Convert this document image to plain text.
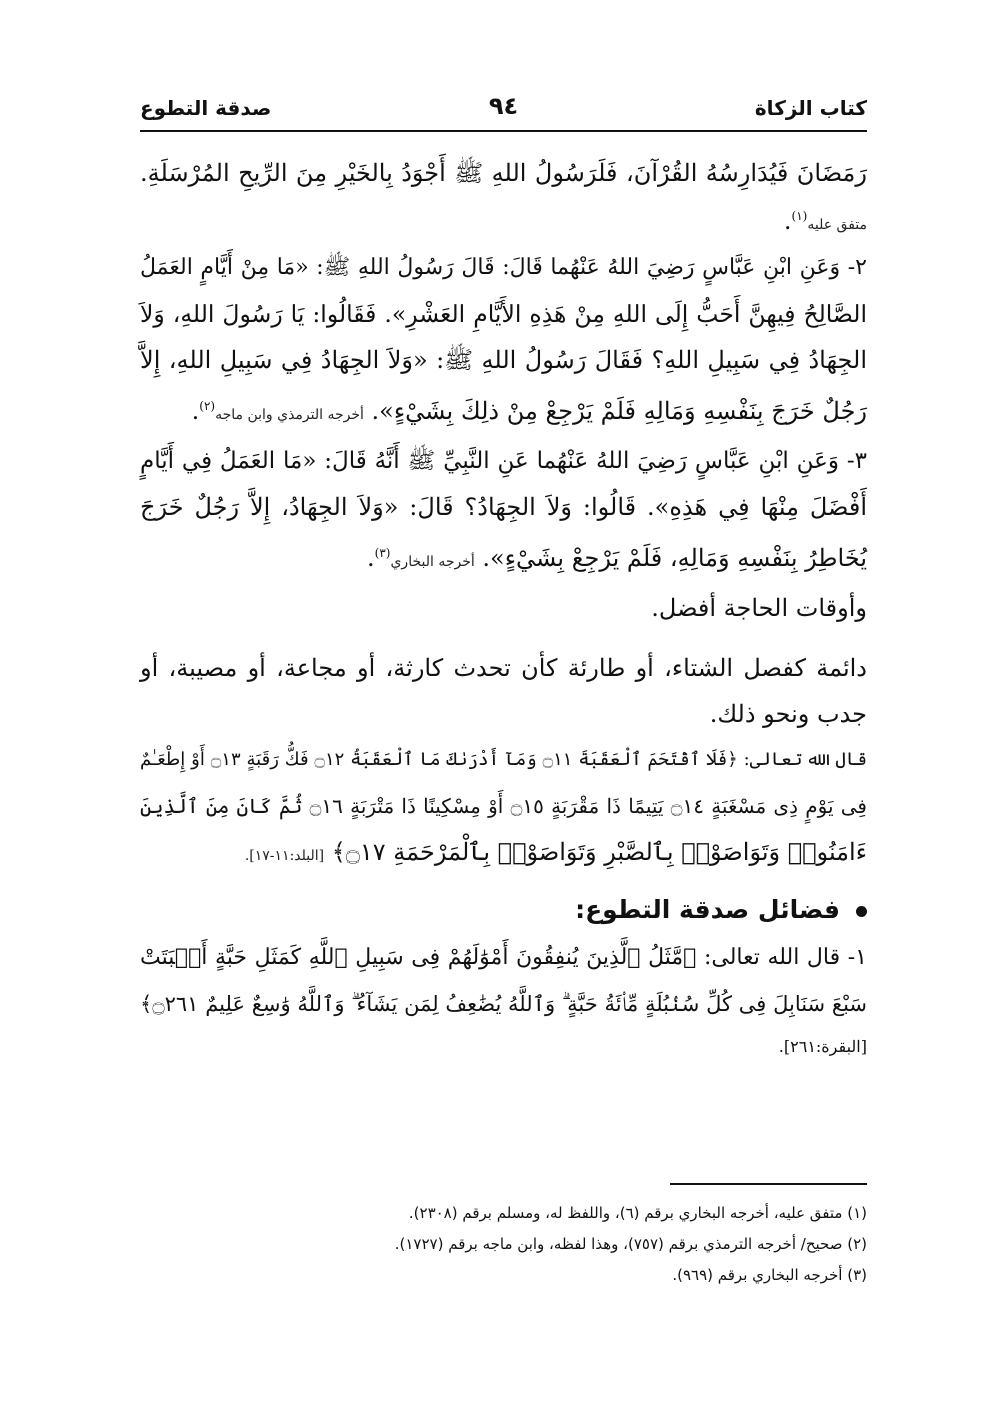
كتاب الزكاة
٩٤
صدقة التطوع
رَمَضَانَ فَيُدَارِسُهُ القُرْآنَ، فَلَرَسُولُ اللهِ ﷺ أَجْوَدُ بِالخَيْرِ مِنَ الرِّيحِ المُرْسَلَةِ.
متفق عليه$^{(١)}$.
٢- وَعَنِ ابْنِ عَبَّاسٍ رَضِيَ اللهُ عَنْهُما قَالَ: قَالَ رَسُولُ اللهِ ﷺ: «مَا مِنْ أَيَّامٍ العَمَلُ
الصَّالِحُ فِيهِنَّ أَحَبُّ إِلَى اللهِ مِنْ هَذِهِ الأَيَّامِ العَشْرِ». فَقَالُوا: يَا رَسُولَ اللهِ، وَلاَ
الجِهَادُ فِي سَبِيلِ اللهِ؟ فَقَالَ رَسُولُ اللهِ ﷺ: «وَلاَ الجِهَادُ فِي سَبِيلِ اللهِ، إِلاَّ
رَجُلٌ خَرَجَ بِنَفْسِهِ وَمَالِهِ فَلَمْ يَرْجِعْ مِنْ ذلِكَ بِشَيْءٍ». أخرجه الترمذي وابن ماجه$^{(٢)}$.
٣- وَعَنِ ابْنِ عَبَّاسٍ رَضِيَ اللهُ عَنْهُما عَنِ النَّبِيِّ ﷺ أَنَّهُ قَالَ: «مَا العَمَلُ فِي أَيَّامٍ
أَفْضَلَ مِنْهَا فِي هَذِهِ». قَالُوا: وَلاَ الجِهَادُ؟ قَالَ: «وَلاَ الجِهَادُ، إِلاَّ رَجُلٌ خَرَجَ
يُخَاطِرُ بِنَفْسِهِ وَمَالِهِ، فَلَمْ يَرْجِعْ بِشَيْءٍ». أخرجه البخاري$^{(٣)}$.
وأوقات الحاجة أفضل.
دائمة كفصل الشتاء، أو طارئة كأن تحدث كارثة، أو مجاعة، أو مصيبة، أو
جدب ونحو ذلك.
قال الله تعالى: ﴿فَلَا ٱقْتَحَمَ ٱلْعَقَبَةَ ۝١١ وَمَآ أَدْرَىٰكَ مَا ٱلْعَقَبَةُ ۝١٢ فَكُّ رَقَبَةٍ ۝١٣ أَوْ إِطْعَـٰمٌ
فِى يَوْمٍ ذِى مَسْغَبَةٍ ۝١٤ يَتِيمًا ذَا مَقْرَبَةٍ ۝١٥ أَوْ مِسْكِينًا ذَا مَتْرَبَةٍ ۝١٦ ثُمَّ كَانَ مِنَ ٱلَّذِينَ
ءَامَنُوا۟ وَتَوَاصَوْا۟ بِٱلصَّبْرِ وَتَوَاصَوْا۟ بِٱلْمَرْحَمَةِ ۝١٧﴾ [البلد:١١-١٧].
فضائل صدقة التطوع:
١- قال الله تعالى: ﴿مَّثَلُ ٱلَّذِينَ يُنفِقُونَ أَمْوَٰلَهُمْ فِى سَبِيلِ ٱللَّهِ كَمَثَلِ حَبَّةٍ أَنۢبَتَتْ
سَبْعَ سَنَابِلَ فِى كُلِّ سُنۢبُلَةٍ مِّا۟ئَةُ حَبَّةٍ ۗ وَٱللَّهُ يُضَٰعِفُ لِمَن يَشَآءُ ۗ وَٱللَّهُ وَٰسِعٌ عَلِيمٌ ۝٢٦١﴾
[البقرة:٢٦١].
(١) متفق عليه، أخرجه البخاري برقم (٦)، واللفظ له، ومسلم برقم (٢٣٠٨).
(٢) صحيح/ أخرجه الترمذي برقم (٧٥٧)، وهذا لفظه، وابن ماجه برقم (١٧٢٧).
(٣) أخرجه البخاري برقم (٩٦٩).
